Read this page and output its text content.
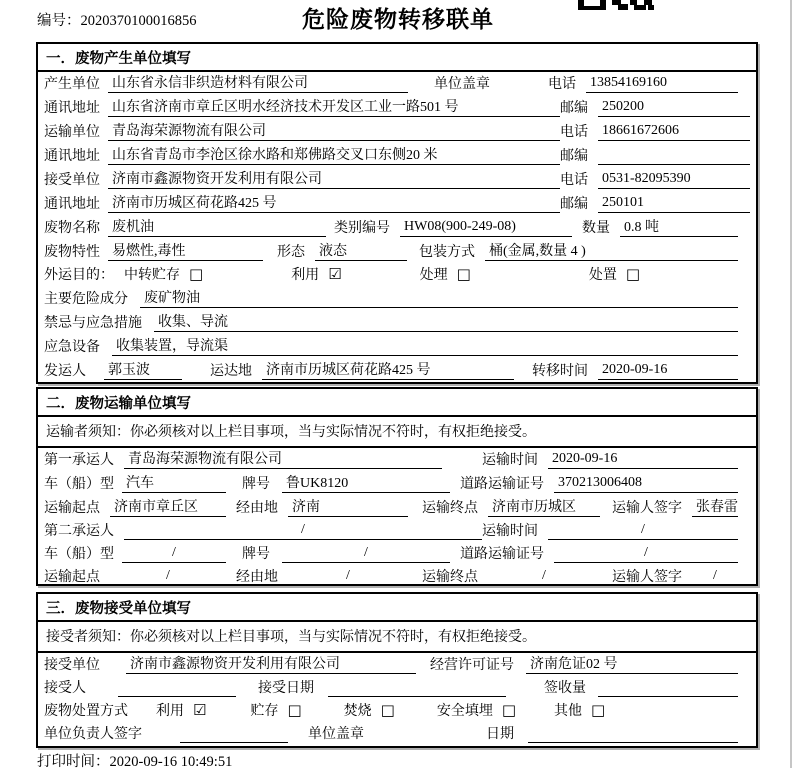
编号：2020370100016856	危险废物转移联单
一．废物产生单位填写
产生单位 山东省永信非织造材料有限公司	单位盖章	电话 13854169160
通讯地址 山东省济南市章丘区明水经济技术开发区工业一路501 号	邮编 250200
运输单位 青岛海荣源物流有限公司	电话 18661672606
通讯地址 山东省青岛市李沧区徐水路和郑佛路交叉口东侧20 米	邮编
接受单位 济南市鑫源物资开发利用有限公司	电话 0531-82095390
通讯地址 济南市历城区荷花路425 号	邮编 250101
废物名称 废机油	类别编号 HW08(900-249-08)	数量 0.8 吨
废物特性 易燃性,毒性	形态 液态	包装方式 桶(金属,数量 4 )
外运目的： 中转贮存 □	利用 ☑	处理 □	处置 □
主要危险成分 废矿物油
禁忌与应急措施 收集、导流
应急设备 收集装置，导流渠
发运人 郭玉波	运达地 济南市历城区荷花路425 号	转移时间 2020-09-16
二．废物运输单位填写
运输者须知：你必须核对以上栏目事项，当与实际情况不符时，有权拒绝接受。
第一承运人 青岛海荣源物流有限公司	运输时间 2020-09-16
车（船）型 汽车	牌号 鲁UK8120	道路运输证号 370213006408
运输起点 济南市章丘区	经由地 济南	运输终点 济南市历城区	运输人签字 张春雷
第二承运人	/	运输时间	/
车（船）型	/	牌号	/	道路运输证号	/
运输起点	/	经由地	/	运输终点	/	运输人签字	/
三．废物接受单位填写
接受者须知：你必须核对以上栏目事项，当与实际情况不符时，有权拒绝接受。
接受单位 济南市鑫源物资开发利用有限公司	经营许可证号 济南危证02 号
接受人	接受日期	签收量
废物处置方式 利用 ☑	贮存 □	焚烧 □	安全填埋 □	其他 □
单位负责人签字	单位盖章	日期
打印时间：2020-09-16 10:49:51
